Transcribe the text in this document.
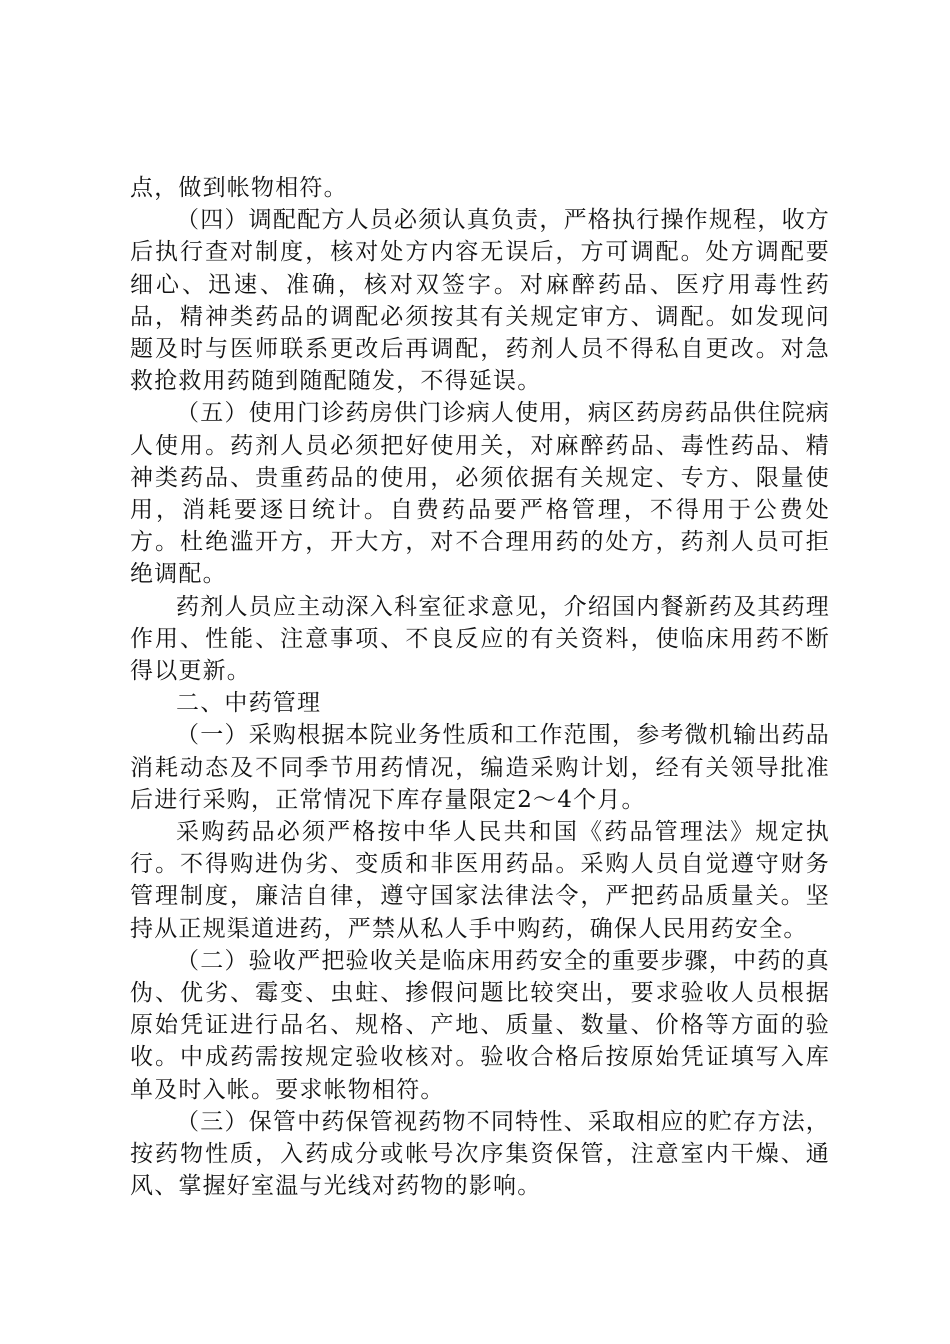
点，做到帐物相符。

（四）调配配方人员必须认真负责，严格执行操作规程，收方后执行查对制度，核对处方内容无误后，方可调配。处方调配要细心、迅速、准确，核对双签字。对麻醉药品、医疗用毒性药品，精神类药品的调配必须按其有关规定审方、调配。如发现问题及时与医师联系更改后再调配，药剂人员不得私自更改。对急救抢救用药随到随配随发，不得延误。

（五）使用门诊药房供门诊病人使用，病区药房药品供住院病人使用。药剂人员必须把好使用关，对麻醉药品、毒性药品、精神类药品、贵重药品的使用，必须依据有关规定、专方、限量使用，消耗要逐日统计。自费药品要严格管理，不得用于公费处方。杜绝滥开方，开大方，对不合理用药的处方，药剂人员可拒绝调配。

药剂人员应主动深入科室征求意见，介绍国内餐新药及其药理作用、性能、注意事项、不良反应的有关资料，使临床用药不断得以更新。

二、中药管理

（一）采购根据本院业务性质和工作范围，参考微机输出药品消耗动态及不同季节用药情况，编造采购计划，经有关领导批准后进行采购，正常情况下库存量限定2～4个月。

采购药品必须严格按中华人民共和国《药品管理法》规定执行。不得购进伪劣、变质和非医用药品。采购人员自觉遵守财务管理制度，廉洁自律，遵守国家法律法令，严把药品质量关。坚持从正规渠道进药，严禁从私人手中购药，确保人民用药安全。

（二）验收严把验收关是临床用药安全的重要步骤，中药的真伪、优劣、霉变、虫蛀、掺假问题比较突出，要求验收人员根据原始凭证进行品名、规格、产地、质量、数量、价格等方面的验收。中成药需按规定验收核对。验收合格后按原始凭证填写入库单及时入帐。要求帐物相符。

（三）保管中药保管视药物不同特性、采取相应的贮存方法，按药物性质，入药成分或帐号次序集资保管，注意室内干燥、通风、掌握好室温与光线对药物的影响。
